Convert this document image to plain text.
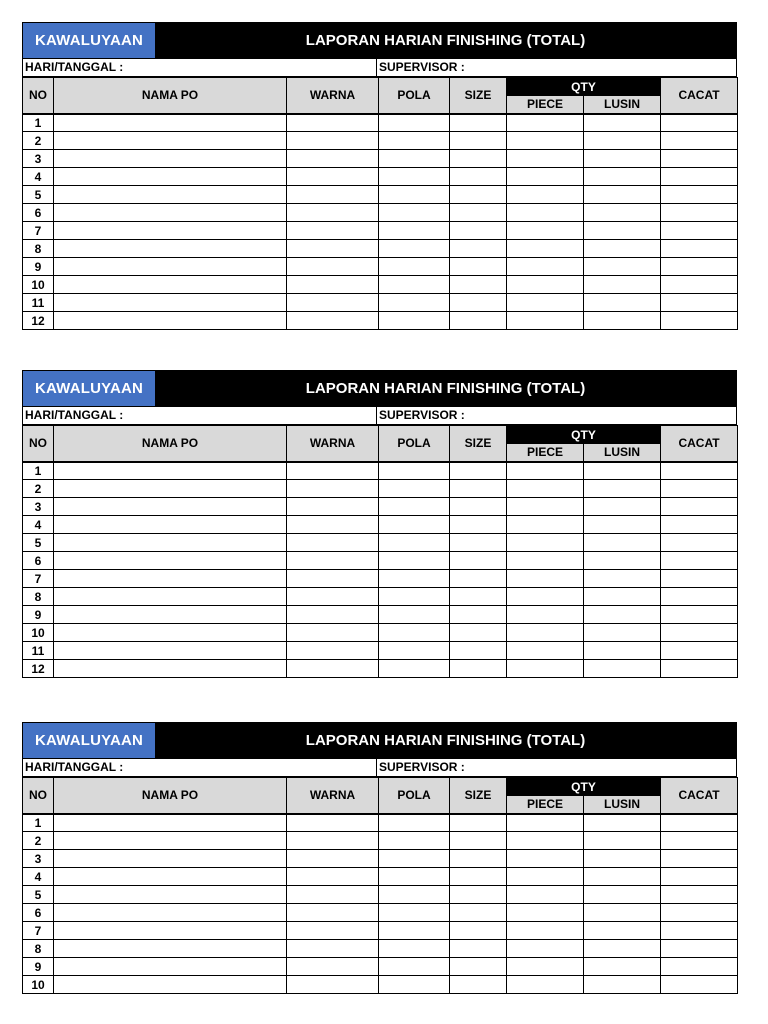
KAWALUYAAN	LAPORAN HARIAN FINISHING (TOTAL)
HARI/TANGGAL :	SUPERVISOR :
NO	NAMA PO	WARNA	POLA	SIZE	QTY		CACAT
					PIECE	LUSIN	
1							
2							
3							
4							
5							
6							
7							
8							
9							
10							
11							
12							
KAWALUYAAN	LAPORAN HARIAN FINISHING (TOTAL)
HARI/TANGGAL :	SUPERVISOR :
NO	NAMA PO	WARNA	POLA	SIZE	QTY		CACAT
					PIECE	LUSIN	
1							
2							
3							
4							
5							
6							
7							
8							
9							
10							
11							
12							
KAWALUYAAN	LAPORAN HARIAN FINISHING (TOTAL)
HARI/TANGGAL :	SUPERVISOR :
NO	NAMA PO	WARNA	POLA	SIZE	QTY		CACAT
					PIECE	LUSIN	
1							
2							
3							
4							
5							
6							
7							
8							
9							
10							
